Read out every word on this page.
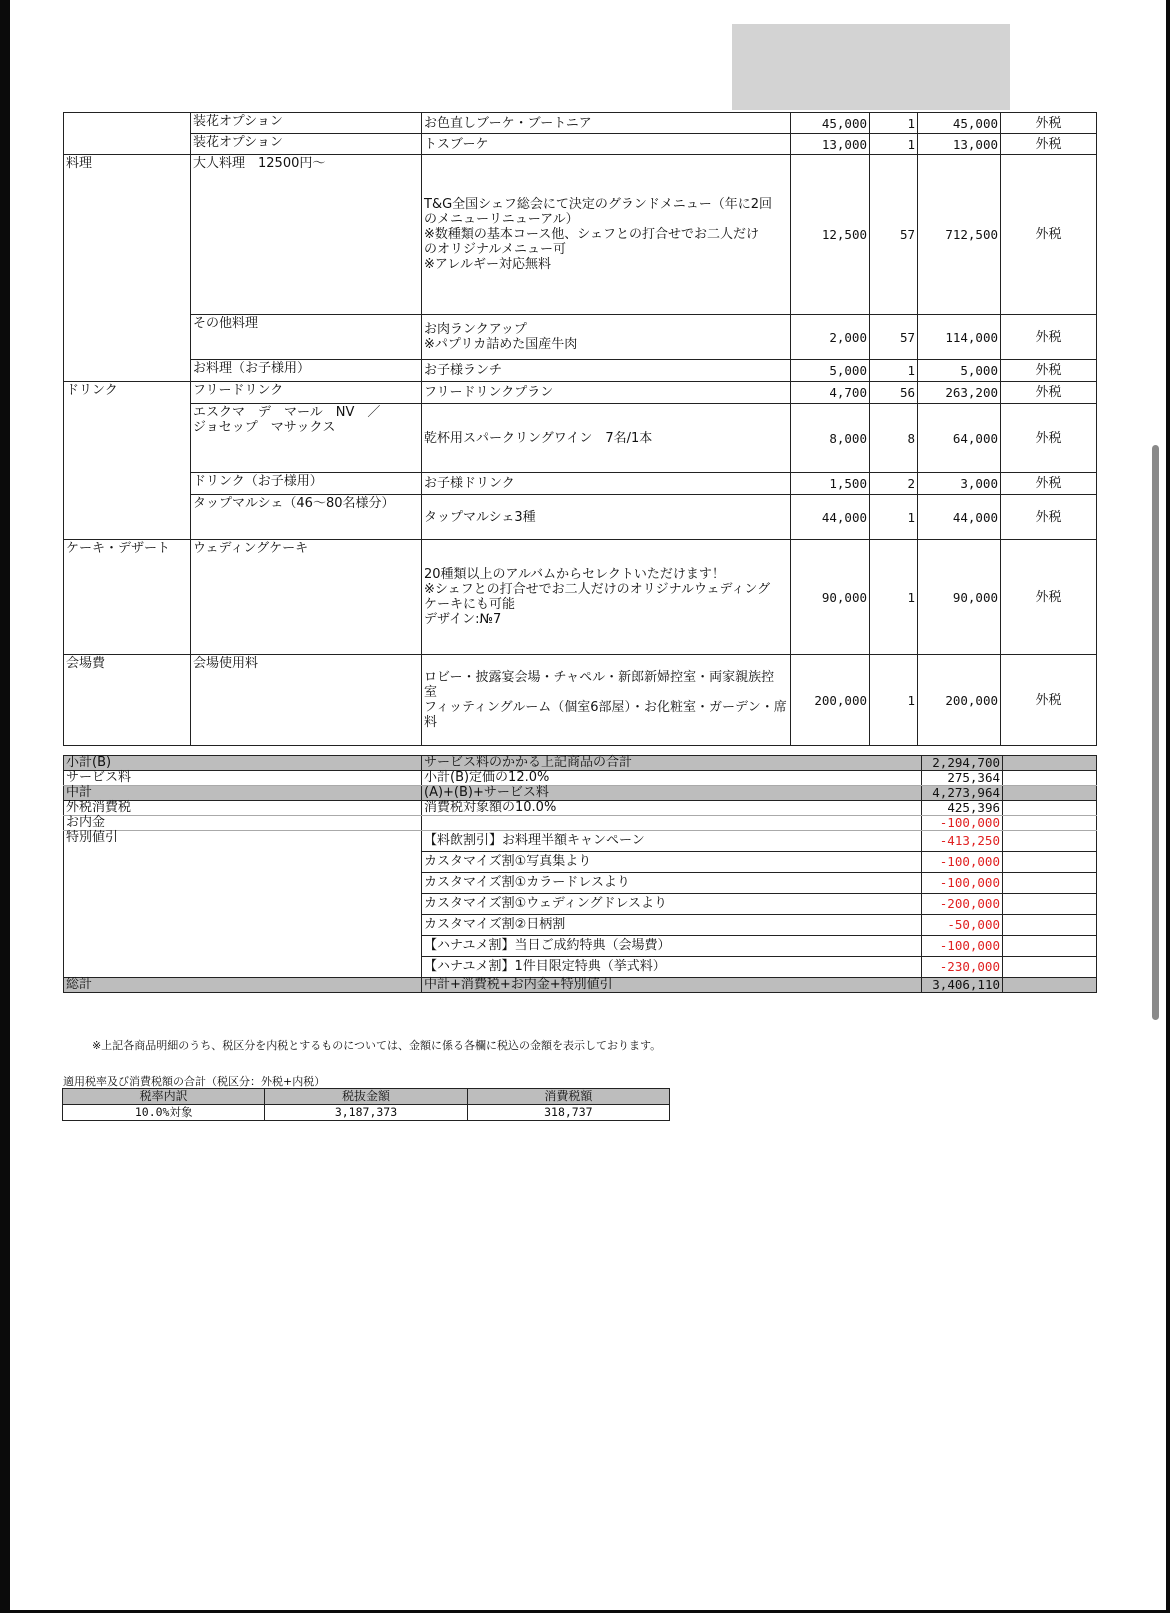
	装花オプション	お色直しブーケ・ブートニア	45,000	1	45,000	外税
	装花オプション	トスブーケ	13,000	1	13,000	外税
料理	大人料理　12500円～	T&G全国シェフ総会にて決定のグランドメニュー（年に2回
のメニューリニューアル）
※数種類の基本コース他、シェフとの打合せでお二人だけ
のオリジナルメニュー可
※アレルギー対応無料	12,500	57	712,500	外税
	その他料理	お肉ランクアップ
※パプリカ詰めた国産牛肉	2,000	57	114,000	外税
	お料理（お子様用）	お子様ランチ	5,000	1	5,000	外税
ドリンク	フリードリンク	フリードリンクプラン	4,700	56	263,200	外税
	エスクマ　デ　マール　NV　／
ジョセップ　マサックス	乾杯用スパークリングワイン　7名/1本	8,000	8	64,000	外税
	ドリンク（お子様用）	お子様ドリンク	1,500	2	3,000	外税
	タップマルシェ（46～80名様分）	タップマルシェ3種	44,000	1	44,000	外税
ケーキ・デザート	ウェディングケーキ	20種類以上のアルバムからセレクトいただけます！
※シェフとの打合せでお二人だけのオリジナルウェディング
ケーキにも可能
デザイン:№7	90,000	1	90,000	外税
会場費	会場使用料	ロビー・披露宴会場・チャペル・新郎新婦控室・両家親族控
室
フィッティングルーム（個室6部屋）・お化粧室・ガーデン・席
料	200,000	1	200,000	外税
小計(B)	サービス料のかかる上記商品の合計	2,294,700	
サービス料	小計(B)定価の12.0%	275,364	
中計	(A)+(B)+サービス料	4,273,964	
外税消費税	消費税対象額の10.0%	425,396	
お内金		-100,000	
特別値引	【料飲割引】お料理半額キャンペーン	-413,250	
	カスタマイズ割①写真集より	-100,000	
	カスタマイズ割①カラードレスより	-100,000	
	カスタマイズ割①ウェディングドレスより	-200,000	
	カスタマイズ割②日柄割	-50,000	
	【ハナユメ割】当日ご成約特典（会場費）	-100,000	
	【ハナユメ割】1件目限定特典（挙式料）	-230,000	
総計	中計+消費税+お内金+特別値引	3,406,110	
※上記各商品明細のうち、税区分を内税とするものについては、金額に係る各欄に税込の金額を表示しております。
適用税率及び消費税額の合計（税区分：外税+内税）
税率内訳	税抜金額	消費税額
10.0%対象	3,187,373	318,737
